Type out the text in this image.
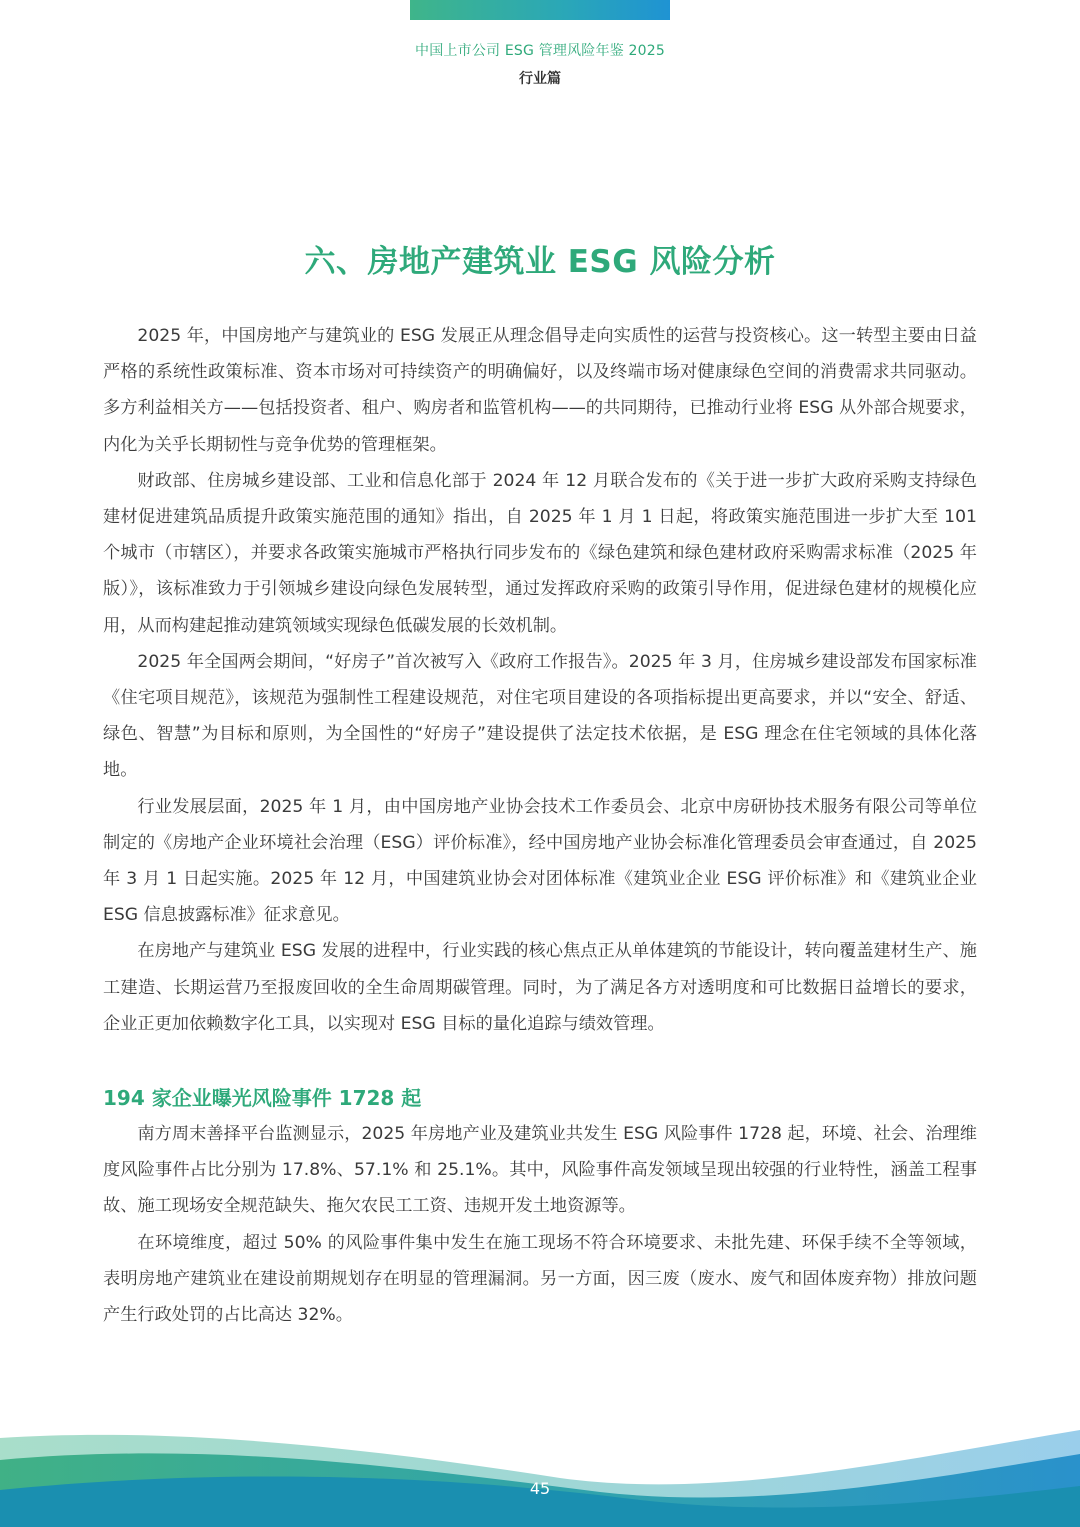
中国上市公司 ESG 管理风险年鉴 2025
行业篇
六、房地产建筑业 ESG 风险分析

2025 年，中国房地产与建筑业的 ESG 发展正从理念倡导走向实质性的运营与投资核心。这一转型主要由日益严格的系统性政策标准、资本市场对可持续资产的明确偏好，以及终端市场对健康绿色空间的消费需求共同驱动。多方利益相关方——包括投资者、租户、购房者和监管机构——的共同期待，已推动行业将 ESG 从外部合规要求，内化为关乎长期韧性与竞争优势的管理框架。

财政部、住房城乡建设部、工业和信息化部于 2024 年 12 月联合发布的《关于进一步扩大政府采购支持绿色建材促进建筑品质提升政策实施范围的通知》指出，自 2025 年 1 月 1 日起，将政策实施范围进一步扩大至 101 个城市（市辖区），并要求各政策实施城市严格执行同步发布的《绿色建筑和绿色建材政府采购需求标准（2025 年版）》，该标准致力于引领城乡建设向绿色发展转型，通过发挥政府采购的政策引导作用，促进绿色建材的规模化应用，从而构建起推动建筑领域实现绿色低碳发展的长效机制。

2025 年全国两会期间，“好房子”首次被写入《政府工作报告》。2025 年 3 月，住房城乡建设部发布国家标准《住宅项目规范》，该规范为强制性工程建设规范，对住宅项目建设的各项指标提出更高要求，并以“安全、舒适、绿色、智慧”为目标和原则，为全国性的“好房子”建设提供了法定技术依据，是 ESG 理念在住宅领域的具体化落地。

行业发展层面，2025 年 1 月，由中国房地产业协会技术工作委员会、北京中房研协技术服务有限公司等单位制定的《房地产企业环境社会治理（ESG）评价标准》，经中国房地产业协会标准化管理委员会审查通过，自 2025 年 3 月 1 日起实施。2025 年 12 月，中国建筑业协会对团体标准《建筑业企业 ESG 评价标准》和《建筑业企业 ESG 信息披露标准》征求意见。

在房地产与建筑业 ESG 发展的进程中，行业实践的核心焦点正从单体建筑的节能设计，转向覆盖建材生产、施工建造、长期运营乃至报废回收的全生命周期碳管理。同时，为了满足各方对透明度和可比数据日益增长的要求，企业正更加依赖数字化工具，以实现对 ESG 目标的量化追踪与绩效管理。

194 家企业曝光风险事件 1728 起

南方周末善择平台监测显示，2025 年房地产业及建筑业共发生 ESG 风险事件 1728 起，环境、社会、治理维度风险事件占比分别为 17.8%、57.1% 和 25.1%。其中，风险事件高发领域呈现出较强的行业特性，涵盖工程事故、施工现场安全规范缺失、拖欠农民工工资、违规开发土地资源等。

在环境维度，超过 50% 的风险事件集中发生在施工现场不符合环境要求、未批先建、环保手续不全等领域，表明房地产建筑业在建设前期规划存在明显的管理漏洞。另一方面，因三废（废水、废气和固体废弃物）排放问题产生行政处罚的占比高达 32%。

45
